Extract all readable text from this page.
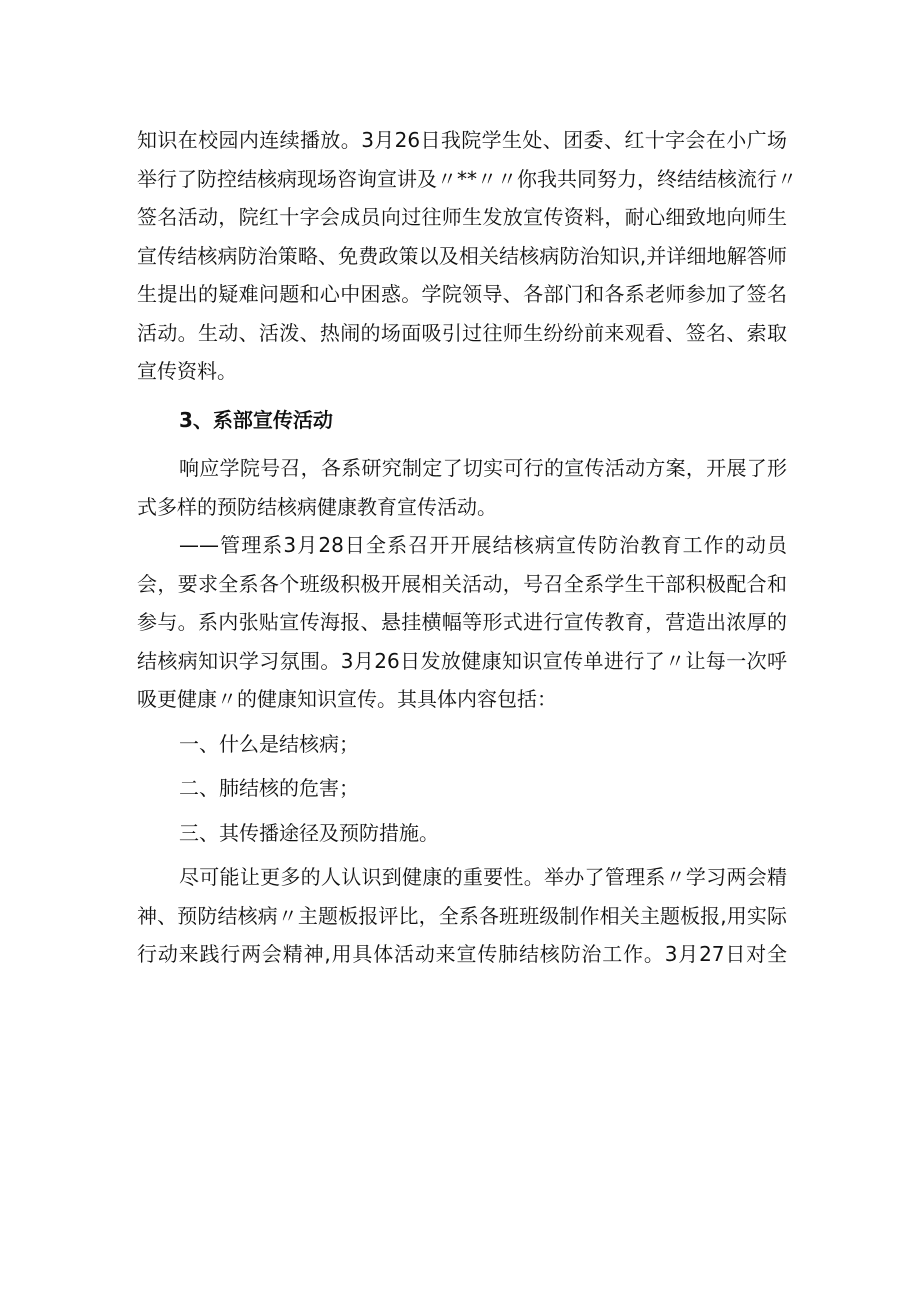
知识在校园内连续播放。3月26日我院学生处、团委、红十字会在小广场
举行了防控结核病现场咨询宣讲及〃**〃〃你我共同努力，终结结核流行〃
签名活动，院红十字会成员向过往师生发放宣传资料，耐心细致地向师生
宣传结核病防治策略、免费政策以及相关结核病防治知识,并详细地解答师
生提出的疑难问题和心中困惑。学院领导、各部门和各系老师参加了签名
活动。生动、活泼、热闹的场面吸引过往师生纷纷前来观看、签名、索取
宣传资料。
3、系部宣传活动
响应学院号召，各系研究制定了切实可行的宣传活动方案，开展了形
式多样的预防结核病健康教育宣传活动。
——管理系3月28日全系召开开展结核病宣传防治教育工作的动员
会，要求全系各个班级积极开展相关活动，号召全系学生干部积极配合和
参与。系内张贴宣传海报、悬挂横幅等形式进行宣传教育，营造出浓厚的
结核病知识学习氛围。3月26日发放健康知识宣传单进行了〃让每一次呼
吸更健康〃的健康知识宣传。其具体内容包括：
一、什么是结核病；
二、肺结核的危害；
三、其传播途径及预防措施。
尽可能让更多的人认识到健康的重要性。举办了管理系〃学习两会精
神、预防结核病〃主题板报评比，全系各班班级制作相关主题板报,用实际
行动来践行两会精神,用具体活动来宣传肺结核防治工作。3月27日对全
